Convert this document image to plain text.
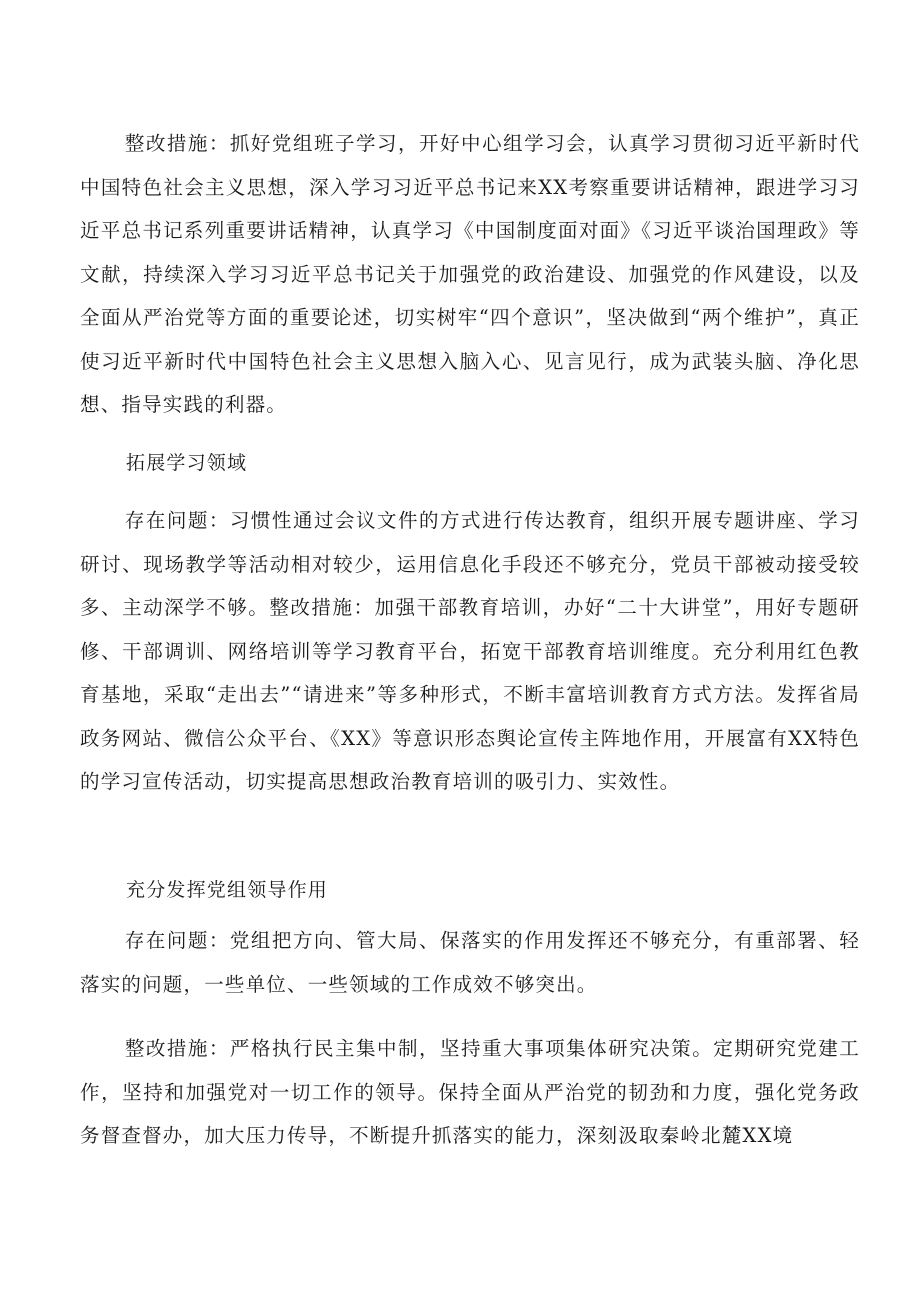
整改措施：抓好党组班子学习，开好中心组学习会，认真学习贯彻习近平新时代中国特色社会主义思想，深入学习习近平总书记来XX考察重要讲话精神，跟进学习习近平总书记系列重要讲话精神，认真学习《中国制度面对面》《习近平谈治国理政》等文献，持续深入学习习近平总书记关于加强党的政治建设、加强党的作风建设，以及全面从严治党等方面的重要论述，切实树牢“四个意识”，坚决做到“两个维护”，真正使习近平新时代中国特色社会主义思想入脑入心、见言见行，成为武装头脑、净化思想、指导实践的利器。

拓展学习领域

存在问题：习惯性通过会议文件的方式进行传达教育，组织开展专题讲座、学习研讨、现场教学等活动相对较少，运用信息化手段还不够充分，党员干部被动接受较多、主动深学不够。整改措施：加强干部教育培训，办好“二十大讲堂”，用好专题研修、干部调训、网络培训等学习教育平台，拓宽干部教育培训维度。充分利用红色教育基地，采取“走出去”“请进来”等多种形式，不断丰富培训教育方式方法。发挥省局政务网站、微信公众平台、《XX》等意识形态舆论宣传主阵地作用，开展富有XX特色的学习宣传活动，切实提高思想政治教育培训的吸引力、实效性。

充分发挥党组领导作用

存在问题：党组把方向、管大局、保落实的作用发挥还不够充分，有重部署、轻落实的问题，一些单位、一些领域的工作成效不够突出。

整改措施：严格执行民主集中制，坚持重大事项集体研究决策。定期研究党建工作，坚持和加强党对一切工作的领导。保持全面从严治党的韧劲和力度，强化党务政务督查督办，加大压力传导，不断提升抓落实的能力，深刻汲取秦岭北麓XX境
